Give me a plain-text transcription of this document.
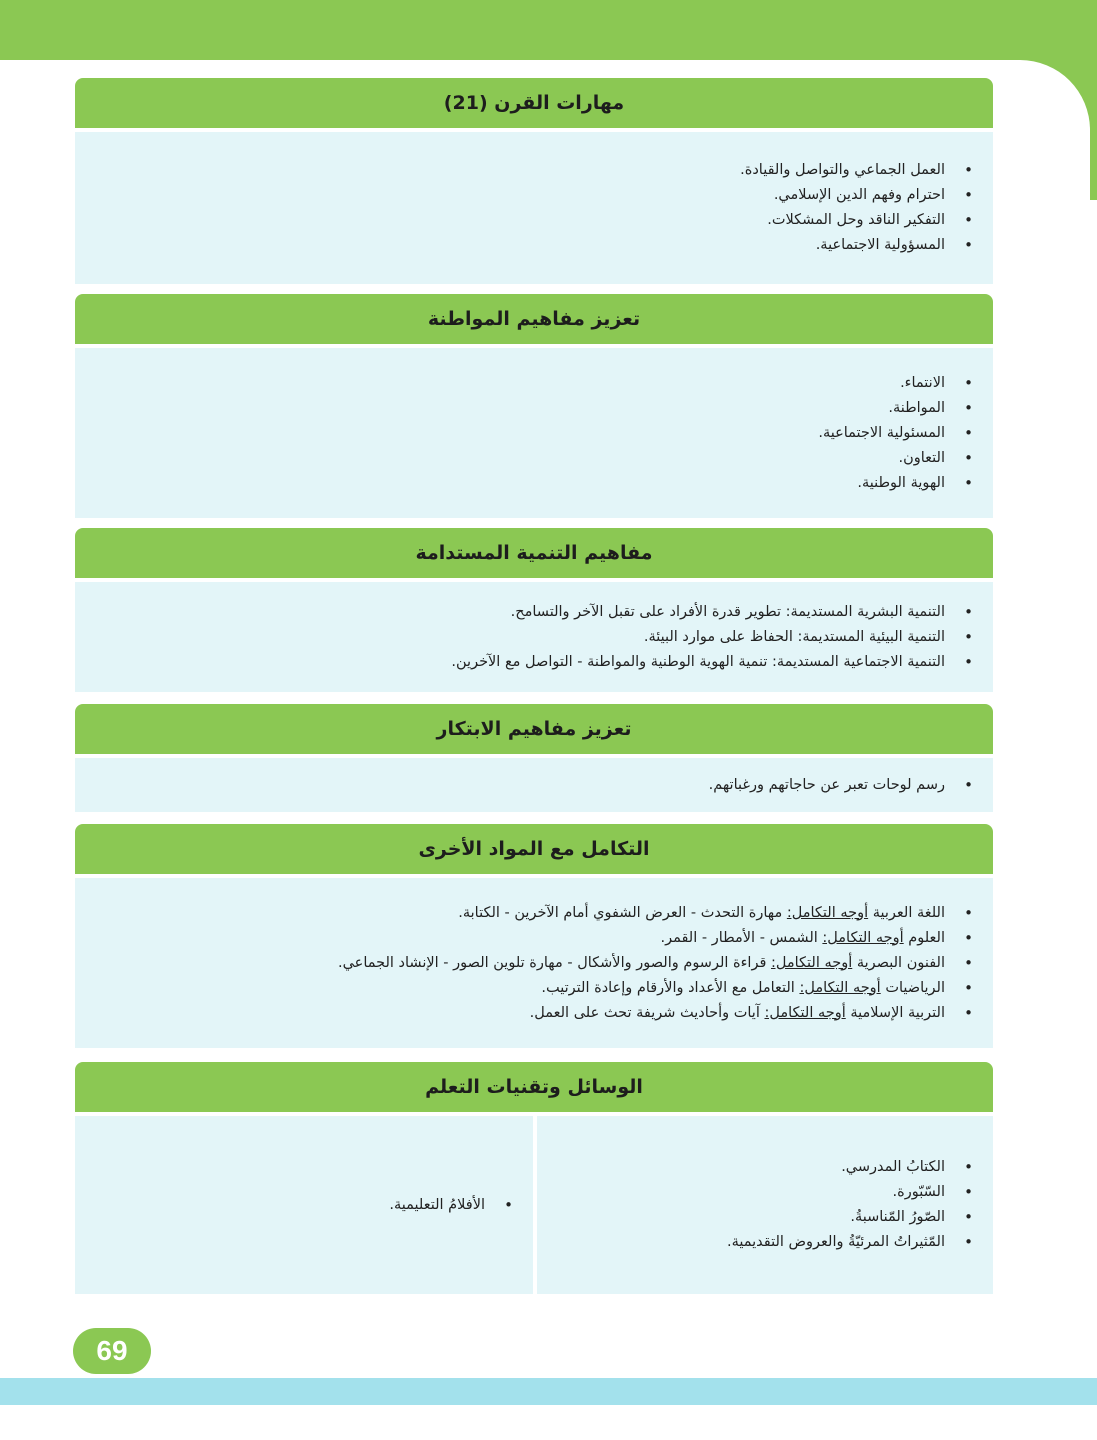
مهارات القرن (21)
• العمل الجماعي والتواصل والقيادة.
• احترام وفهم الدين الإسلامي.
• التفكير الناقد وحل المشكلات.
• المسؤولية الاجتماعية.
تعزيز مفاهيم المواطنة
• الانتماء.
• المواطنة.
• المسئولية الاجتماعية.
• التعاون.
• الهوية الوطنية.
مفاهيم التنمية المستدامة
• التنمية البشرية المستديمة: تطوير قدرة الأفراد على تقبل الآخر والتسامح.
• التنمية البيئية المستديمة: الحفاظ على موارد البيئة.
• التنمية الاجتماعية المستديمة: تنمية الهوية الوطنية والمواطنة - التواصل مع الآخرين.
تعزيز مفاهيم الابتكار
• رسم لوحات تعبر عن حاجاتهم ورغباتهم.
التكامل مع المواد الأخرى
• اللغة العربية أوجه التكامل: مهارة التحدث - العرض الشفوي أمام الآخرين - الكتابة.
• العلوم أوجه التكامل: الشمس - الأمطار - القمر.
• الفنون البصرية أوجه التكامل: قراءة الرسوم والصور والأشكال - مهارة تلوين الصور - الإنشاد الجماعي.
• الرياضيات أوجه التكامل: التعامل مع الأعداد والأرقام وإعادة الترتيب.
• التربية الإسلامية أوجه التكامل: آيات وأحاديث شريفة تحث على العمل.
الوسائل وتقنيات التعلم
• الكتابُ المدرسي.
• السّبّورة.
• الصّورُ المّناسبةُ.
• المّثيراتُ المرئيّةُ والعروض التقديمية.
• الأفلامُ التعليمية.
69
